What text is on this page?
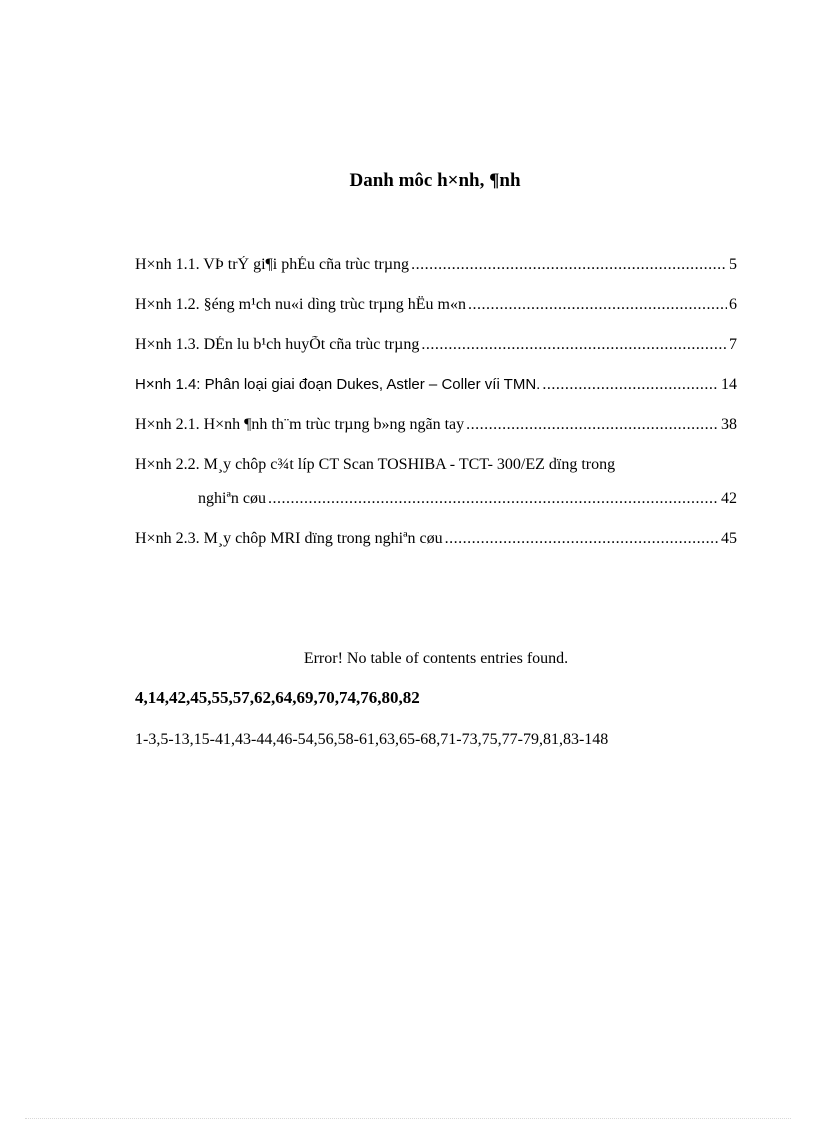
Danh môc h×nh, ¶nh
H×nh 1.1. VÞ trÝ gi¶i phÉu cña trùc trµng .....	5
H×nh 1.2. §éng m¹ch nu«i dìng trùc trµng hËu m«n .....	6
H×nh 1.3. DÉn lu b¹ch huyÕt cña trùc trµng .....	7
H×nh 1.4: Phân loại giai đoạn Dukes, Astler – Coller víi TMN. .....	14
H×nh 2.1. H×nh ¶nh th¨m trùc trµng b»ng ngãn tay .....	38
H×nh 2.2. M¸y chôp c¾t líp CT Scan TOSHIBA - TCT- 300/EZ dïng trong
nghiªn cøu .....	42
H×nh 2.3. M¸y chôp MRI dïng trong nghiªn cøu .....	45
Error! No table of contents entries found.
4,14,42,45,55,57,62,64,69,70,74,76,80,82
1-3,5-13,15-41,43-44,46-54,56,58-61,63,65-68,71-73,75,77-79,81,83-148
